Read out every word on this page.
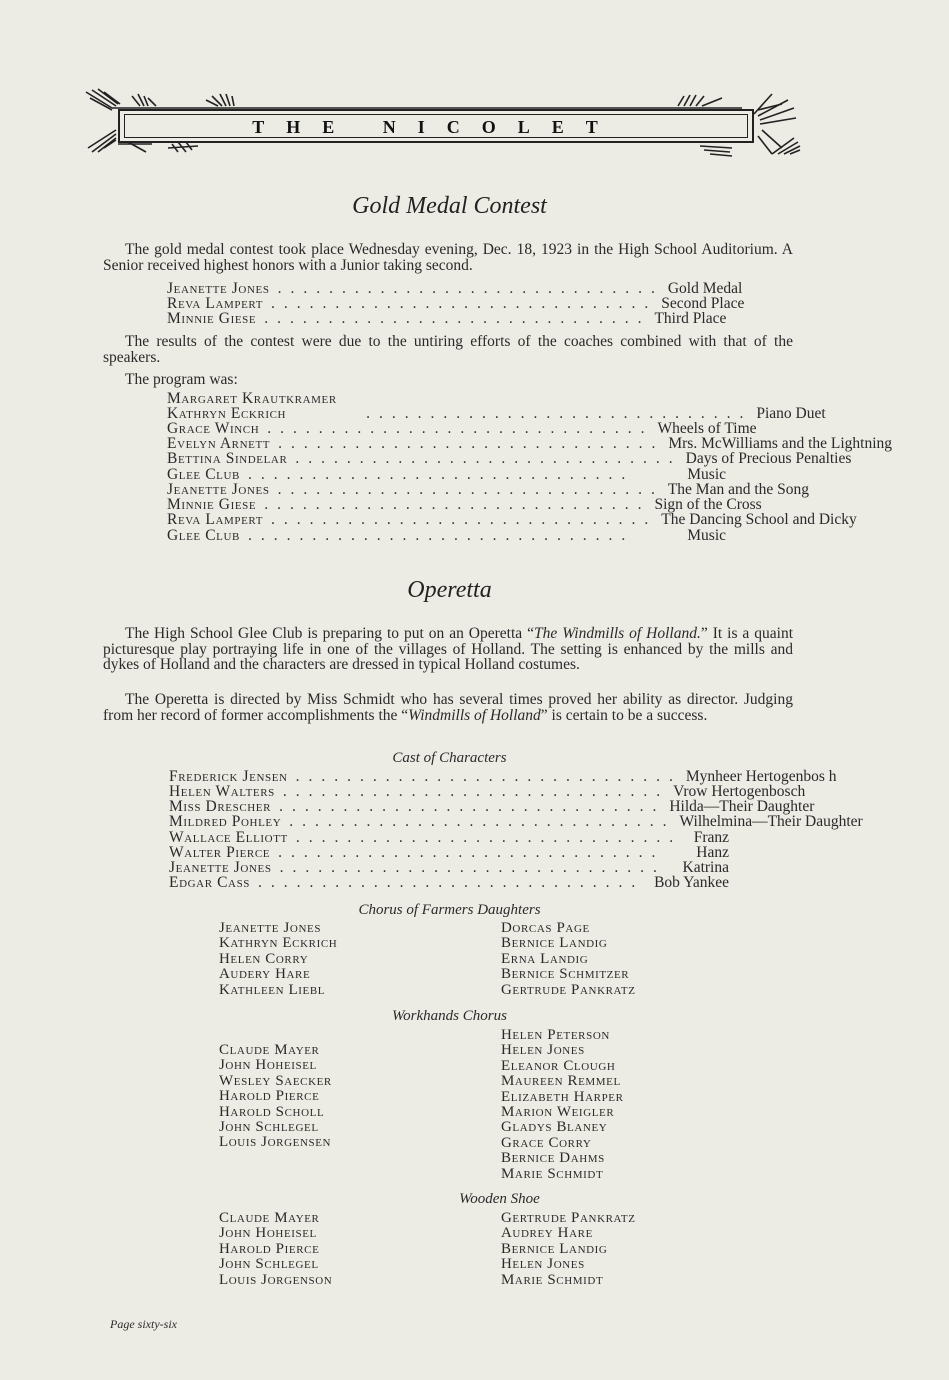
THE NICOLET
Gold Medal Contest
The gold medal contest took place Wednesday evening, Dec. 18, 1923 in the High School Auditorium. A Senior received highest honors with a Junior taking second.
Jeanette Jones .............................. Gold Medal
Reva Lampert .............................. Second Place
Minnie Giese .............................. Third Place
The results of the contest were due to the untiring efforts of the coaches combined with that of the speakers.
The program was:
Margaret Krautkramer
Kathryn Eckrich	.............................. Piano Duet
Grace Winch .............................. Wheels of Time
Evelyn Arnett .............................. Mrs. McWilliams and the Lightning
Bettina Sindelar .............................. Days of Precious Penalties
Glee Club ..............................	Music
Jeanette Jones .............................. The Man and the Song
Minnie Giese .............................. Sign of the Cross
Reva Lampert .............................. The Dancing School and Dicky
Glee Club ..............................	Music
Operetta
The High School Glee Club is preparing to put on an Operetta “The Windmills of Holland.” It is a quaint picturesque play portraying life in one of the villages of Holland. The setting is enhanced by the mills and dykes of Holland and the characters are dressed in typical Holland costumes.
The Operetta is directed by Miss Schmidt who has several times proved her ability as director. Judging from her record of former accomplishments the “Windmills of Holland” is certain to be a success.
Cast of Characters
Frederick Jensen .............................. Mynheer Hertogenbos h
Helen Walters .............................. Vrow Hertogenbosch
Miss Drescher .............................. Hilda—Their Daughter
Mildred Pohley .............................. Wilhelmina—Their Daughter
Wallace Elliott .............................. Franz
Walter Pierce ..............................	Hanz
Jeanette Jones ..............................	Katrina
Edgar Cass .............................. Bob Yankee
Chorus of Farmers Daughters
Jeanette Jones
Kathryn Eckrich
Helen Corry
Audery Hare
Kathleen Liebl
Dorcas Page
Bernice Landig
Erna Landig
Bernice Schmitzer
Gertrude Pankratz
Workhands Chorus
Claude Mayer
John Hoheisel
Wesley Saecker
Harold Pierce
Harold Scholl
John Schlegel
Louis Jorgensen
Helen Peterson
Helen Jones
Eleanor Clough
Maureen Remmel
Elizabeth Harper
Marion Weigler
Gladys Blaney
Grace Corry
Bernice Dahms
Marie Schmidt
Wooden Shoe
Claude Mayer
John Hoheisel
Harold Pierce
John Schlegel
Louis Jorgenson
Gertrude Pankratz
Audrey Hare
Bernice Landig
Helen Jones
Marie Schmidt
Page sixty-six
